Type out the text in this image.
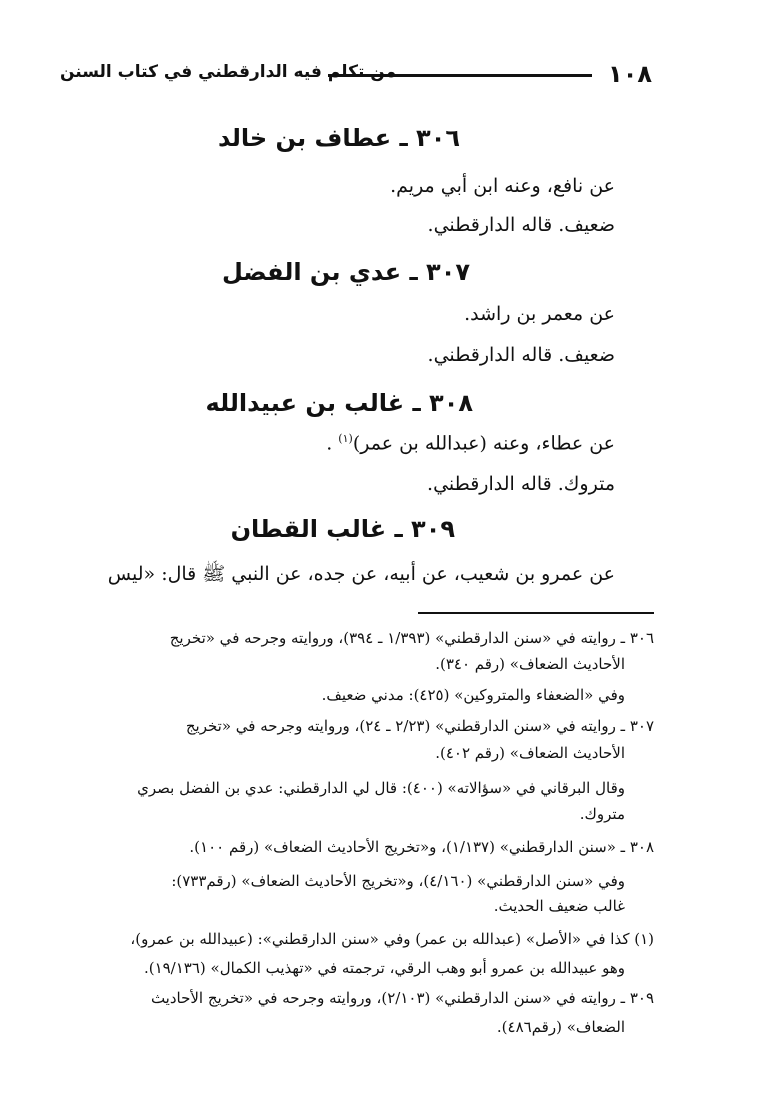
١٠٨
من تكلم فيه الدارقطني في كتاب السنن
٣٠٦ ـ عطاف بن خالد
عن نافع، وعنه ابن أبي مريم.
ضعيف. قاله الدارقطني.
٣٠٧ ـ عدي بن الفضل
عن معمر بن راشد.
ضعيف. قاله الدارقطني.
٣٠٨ ـ غالب بن عبيدالله
عن عطاء، وعنه (عبدالله بن عمر)$^{(١)}$ .
متروك. قاله الدارقطني.
٣٠٩ ـ غالب القطان
عن عمرو بن شعيب، عن أبيه، عن جده، عن النبي ﷺ قال: «ليس
٣٠٦ ـ روايته في «سنن الدارقطني» (١/٣٩٣ ـ ٣٩٤)، وروايته وجرحه في «تخريج
الأحاديث الضعاف» (رقم ٣٤٠).
وفي «الضعفاء والمتروكين» (٤٢٥): مدني ضعيف.
٣٠٧ ـ روايته في «سنن الدارقطني» (٢/٢٣ ـ ٢٤)، وروايته وجرحه في «تخريج
الأحاديث الضعاف» (رقم ٤٠٢).
وقال البرقاني في «سؤالاته» (٤٠٠): قال لي الدارقطني: عدي بن الفضل بصري
متروك.
٣٠٨ ـ «سنن الدارقطني» (١/١٣٧)، و«تخريج الأحاديث الضعاف» (رقم ١٠٠).
وفي «سنن الدارقطني» (٤/١٦٠)، و«تخريج الأحاديث الضعاف» (رقم٧٣٣):
غالب ضعيف الحديث.
(١) كذا في «الأصل» (عبدالله بن عمر) وفي «سنن الدارقطني»: (عبيدالله بن عمرو)،
وهو عبيدالله بن عمرو أبو وهب الرقي، ترجمته في «تهذيب الكمال» (١٩/١٣٦).
٣٠٩ ـ روايته في «سنن الدارقطني» (٢/١٠٣)، وروايته وجرحه في «تخريج الأحاديث
الضعاف» (رقم٤٨٦).
